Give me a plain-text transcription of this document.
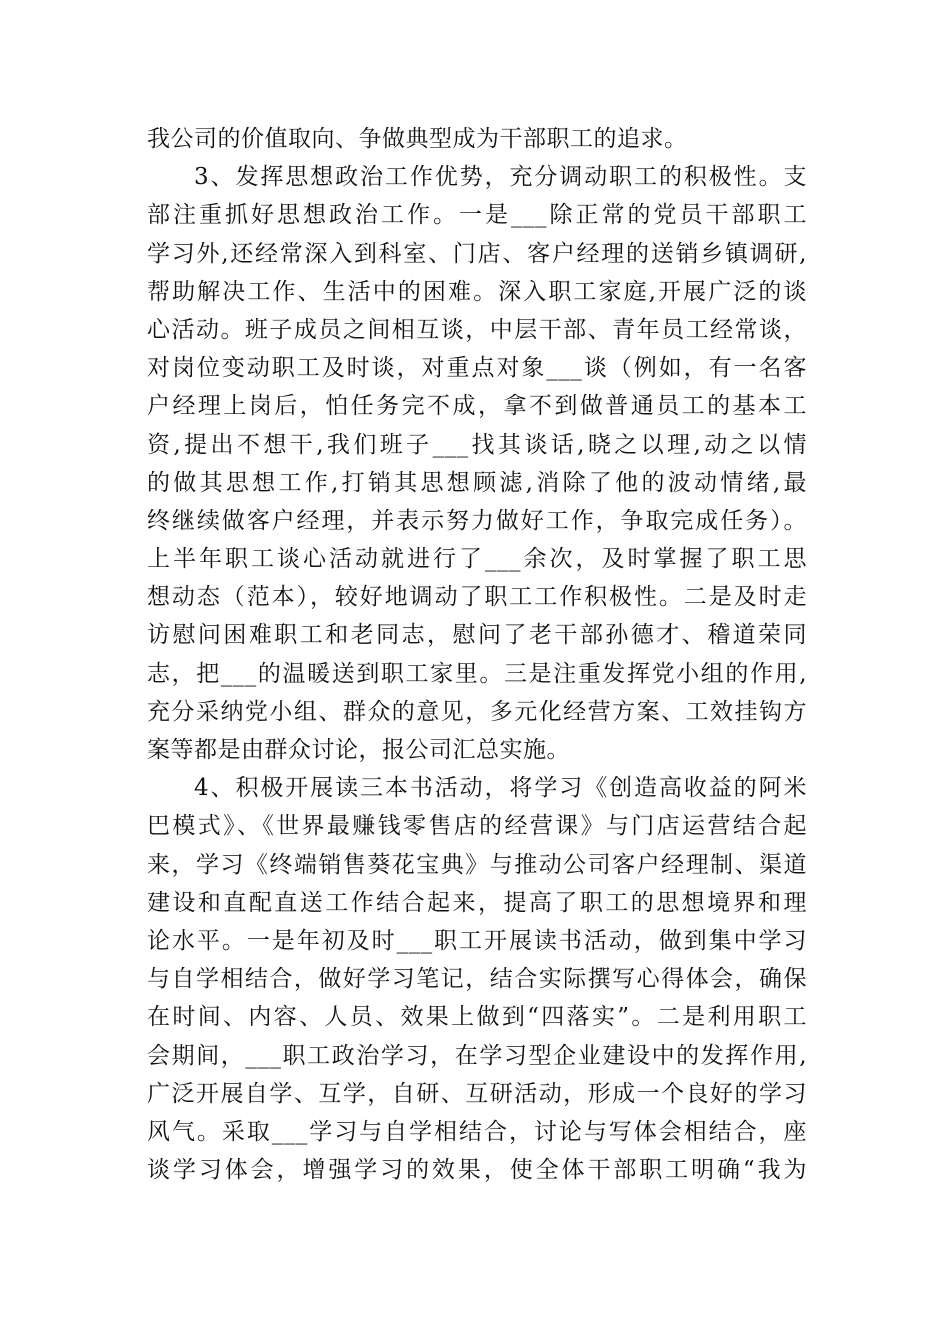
我公司的价值取向、争做典型成为干部职工的追求。
3、发挥思想政治工作优势，充分调动职工的积极性。支
部注重抓好思想政治工作。一是___除正常的党员干部职工
学习外,还经常深入到科室、门店、客户经理的送销乡镇调研,
帮助解决工作、生活中的困难。深入职工家庭,开展广泛的谈
心活动。班子成员之间相互谈，中层干部、青年员工经常谈，
对岗位变动职工及时谈，对重点对象___谈（例如，有一名客
户经理上岗后，怕任务完不成，拿不到做普通员工的基本工
资,提出不想干,我们班子___找其谈话,晓之以理,动之以情
的做其思想工作,打销其思想顾滤,消除了他的波动情绪,最
终继续做客户经理，并表示努力做好工作，争取完成任务）。
上半年职工谈心活动就进行了___余次，及时掌握了职工思
想动态（范本），较好地调动了职工工作积极性。二是及时走
访慰问困难职工和老同志，慰问了老干部孙德才、稽道荣同
志，把___的温暖送到职工家里。三是注重发挥党小组的作用,
充分采纳党小组、群众的意见，多元化经营方案、工效挂钩方
案等都是由群众讨论，报公司汇总实施。
4、积极开展读三本书活动，将学习《创造高收益的阿米
巴模式》、《世界最赚钱零售店的经营课》与门店运营结合起
来，学习《终端销售葵花宝典》与推动公司客户经理制、渠道
建设和直配直送工作结合起来，提高了职工的思想境界和理
论水平。一是年初及时___职工开展读书活动，做到集中学习
与自学相结合，做好学习笔记，结合实际撰写心得体会，确保
在时间、内容、人员、效果上做到“四落实”。二是利用职工
会期间，___职工政治学习，在学习型企业建设中的发挥作用,
广泛开展自学、互学，自研、互研活动，形成一个良好的学习
风气。采取___学习与自学相结合，讨论与写体会相结合，座
谈学习体会，增强学习的效果，使全体干部职工明确“我为
